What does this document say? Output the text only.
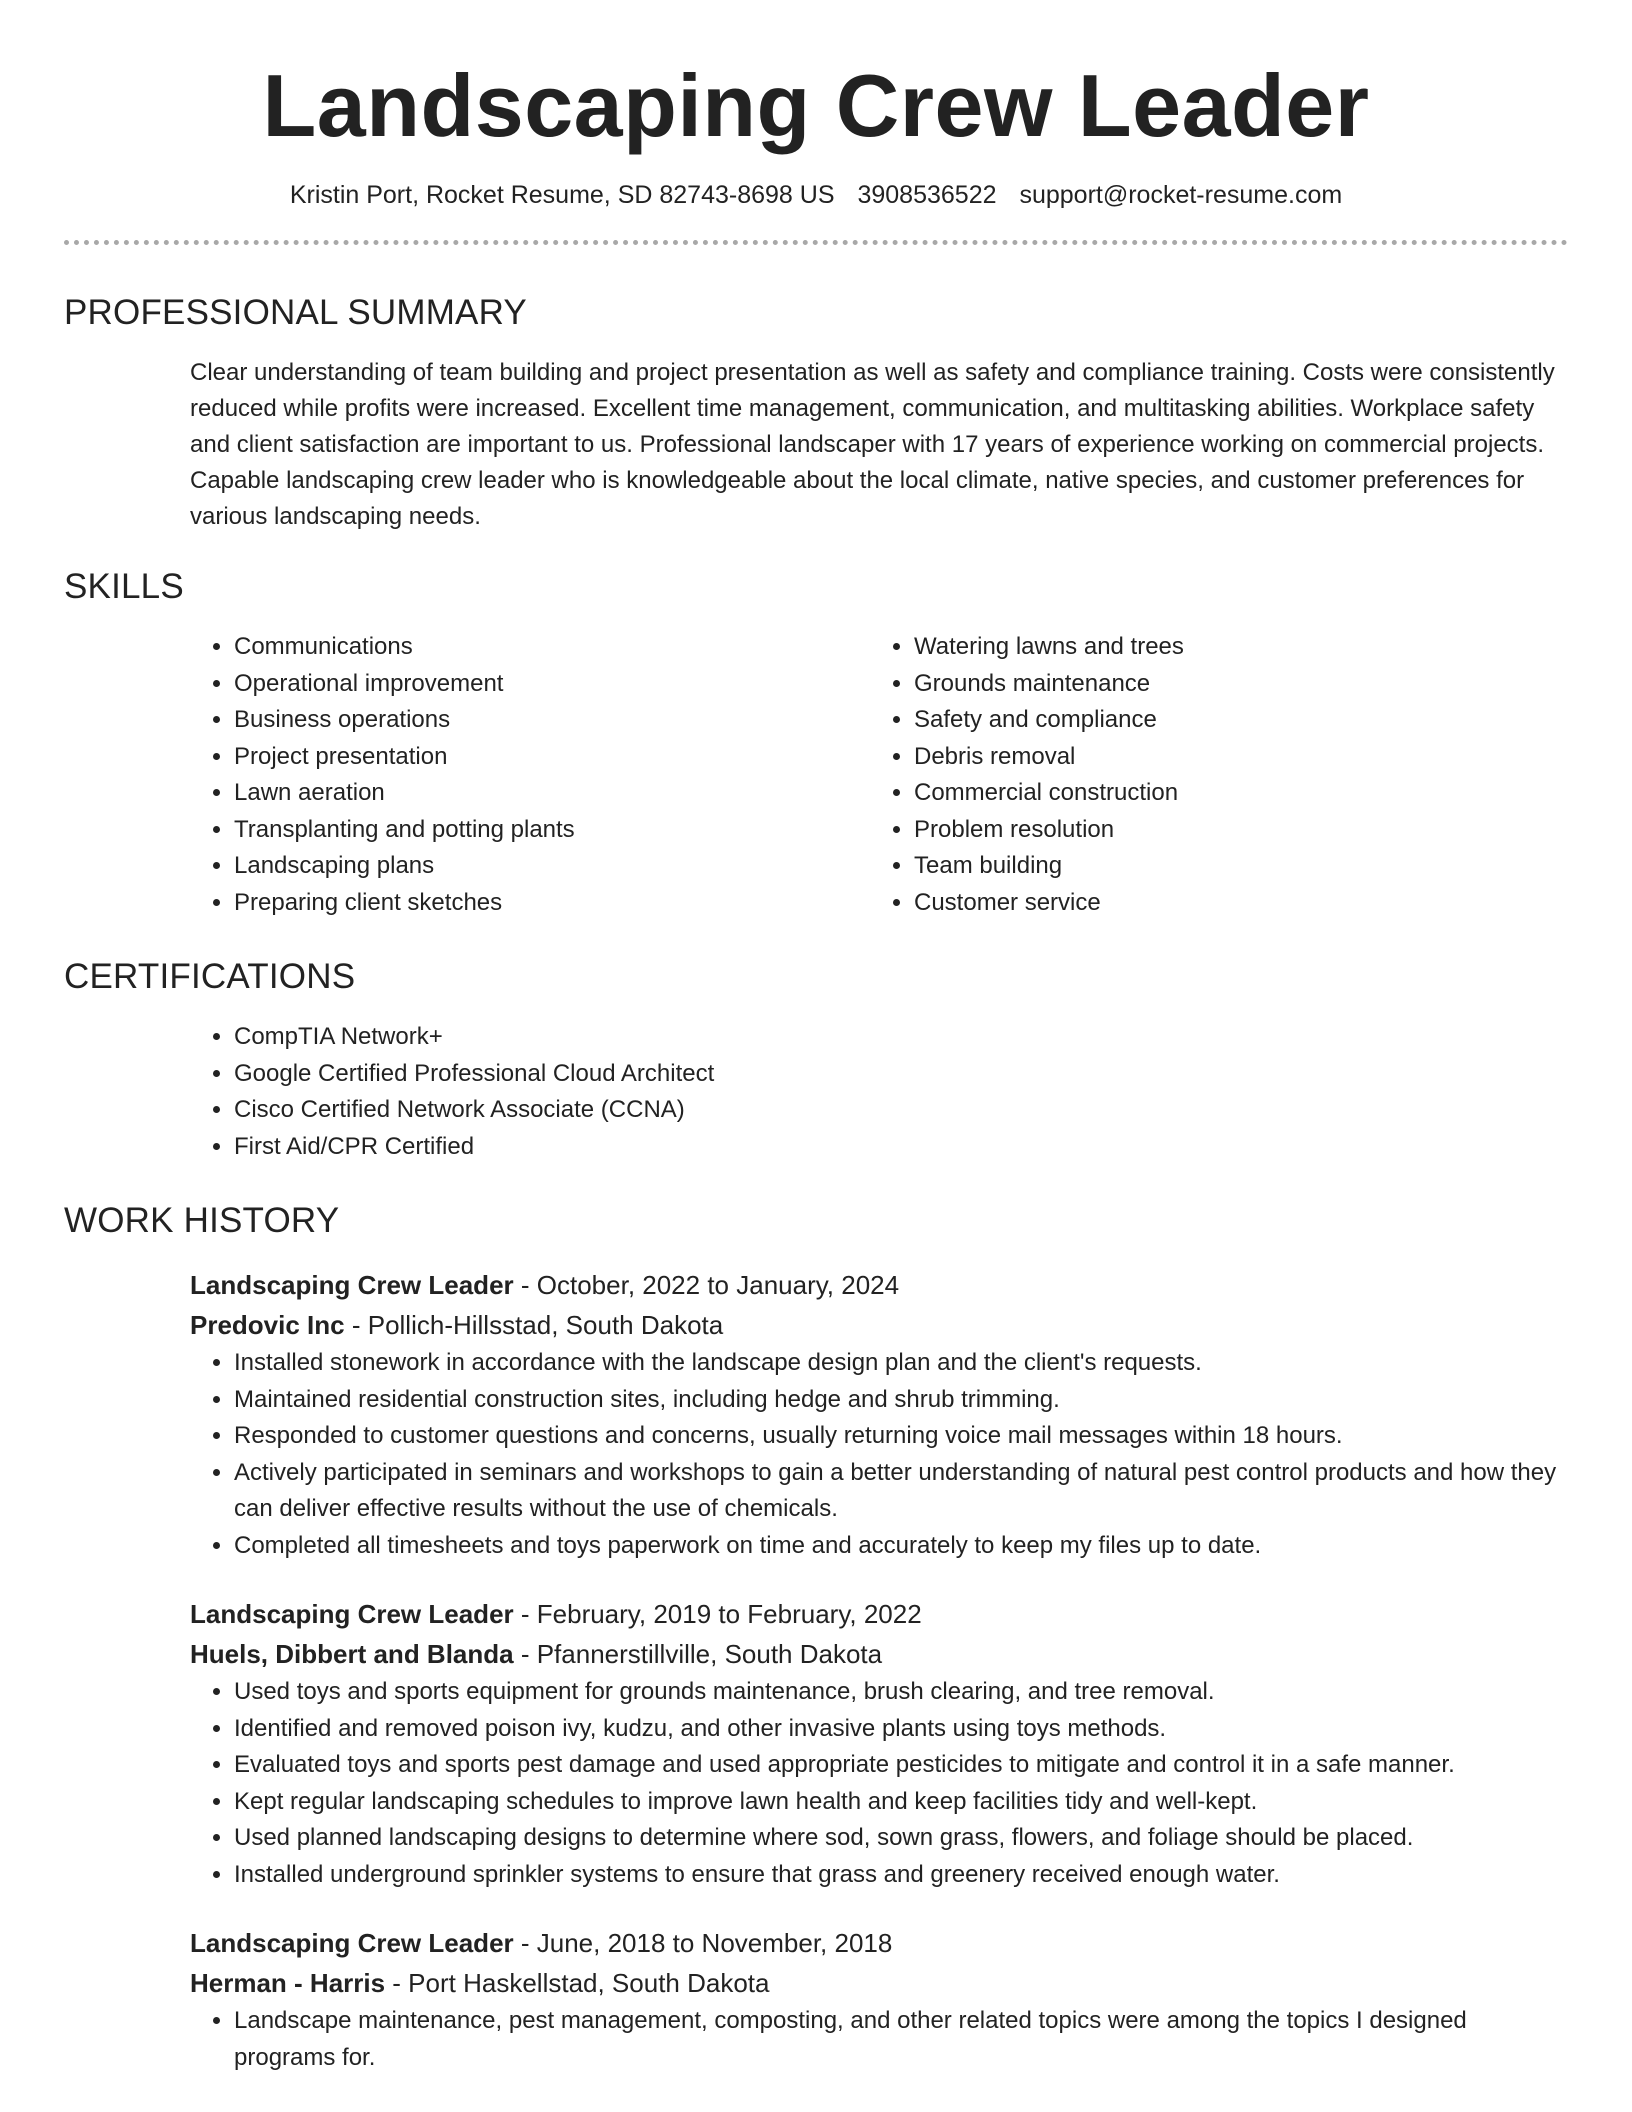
Landscaping Crew Leader
Kristin Port, Rocket Resume, SD 82743-8698 US 3908536522 support@rocket-resume.com
PROFESSIONAL SUMMARY

Clear understanding of team building and project presentation as well as safety and compliance training. Costs were consistently reduced while profits were increased. Excellent time management, communication, and multitasking abilities. Workplace safety and client satisfaction are important to us. Professional landscaper with 17 years of experience working on commercial projects. Capable landscaping crew leader who is knowledgeable about the local climate, native species, and customer preferences for various landscaping needs.

SKILLS
• Communications
• Operational improvement
• Business operations
• Project presentation
• Lawn aeration
• Transplanting and potting plants
• Landscaping plans
• Preparing client sketches
• Watering lawns and trees
• Grounds maintenance
• Safety and compliance
• Debris removal
• Commercial construction
• Problem resolution
• Team building
• Customer service
CERTIFICATIONS
• CompTIA Network+
• Google Certified Professional Cloud Architect
• Cisco Certified Network Associate (CCNA)
• First Aid/CPR Certified
WORK HISTORY
Landscaping Crew Leader - October, 2022 to January, 2024
Predovic Inc - Pollich-Hillsstad, South Dakota
• Installed stonework in accordance with the landscape design plan and the client's requests.
• Maintained residential construction sites, including hedge and shrub trimming.
• Responded to customer questions and concerns, usually returning voice mail messages within 18 hours.
• Actively participated in seminars and workshops to gain a better understanding of natural pest control products and how they can deliver effective results without the use of chemicals.
• Completed all timesheets and toys paperwork on time and accurately to keep my files up to date.
Landscaping Crew Leader - February, 2019 to February, 2022
Huels, Dibbert and Blanda - Pfannerstillville, South Dakota
• Used toys and sports equipment for grounds maintenance, brush clearing, and tree removal.
• Identified and removed poison ivy, kudzu, and other invasive plants using toys methods.
• Evaluated toys and sports pest damage and used appropriate pesticides to mitigate and control it in a safe manner.
• Kept regular landscaping schedules to improve lawn health and keep facilities tidy and well-kept.
• Used planned landscaping designs to determine where sod, sown grass, flowers, and foliage should be placed.
• Installed underground sprinkler systems to ensure that grass and greenery received enough water.
Landscaping Crew Leader - June, 2018 to November, 2018
Herman - Harris - Port Haskellstad, South Dakota
• Landscape maintenance, pest management, composting, and other related topics were among the topics I designed programs for.
